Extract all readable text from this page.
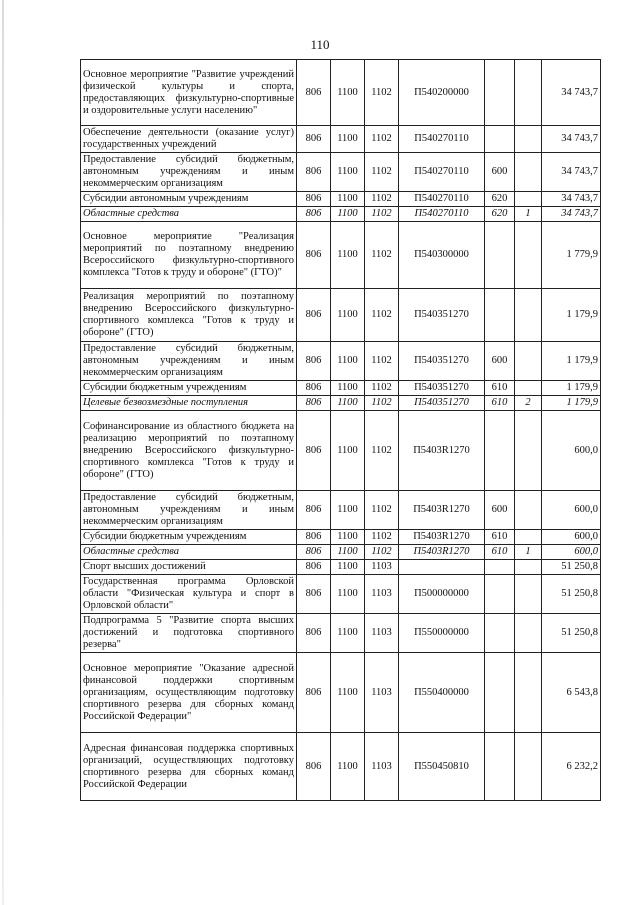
110
Основное мероприятие "Развитие учреждений физической культуры и спорта, предоставляющих физкультурно-спортивные и оздоровительные услуги населению"	806	1100	1102	П540200000			34 743,7
Обеспечение деятельности (оказание услуг) государственных учреждений	806	1100	1102	П540270110			34 743,7
Предоставление субсидий бюджетным, автономным учреждениям и иным некоммерческим организациям	806	1100	1102	П540270110	600		34 743,7
Субсидии автономным учреждениям	806	1100	1102	П540270110	620		34 743,7
Областные средства	806	1100	1102	П540270110	620	1	34 743,7
Основное мероприятие "Реализация мероприятий по поэтапному внедрению Всероссийского физкультурно-спортивного комплекса "Готов к труду и обороне" (ГТО)"	806	1100	1102	П540300000			1 779,9
Реализация мероприятий по поэтапному внедрению Всероссийского физкультурно-спортивного комплекса "Готов к труду и обороне" (ГТО)	806	1100	1102	П540351270			1 179,9
Предоставление субсидий бюджетным, автономным учреждениям и иным некоммерческим организациям	806	1100	1102	П540351270	600		1 179,9
Субсидии бюджетным учреждениям	806	1100	1102	П540351270	610		1 179,9
Целевые безвозмездные поступления	806	1100	1102	П540351270	610	2	1 179,9
Софинансирование из областного бюджета на реализацию мероприятий по поэтапному внедрению Всероссийского физкультурно-спортивного комплекса "Готов к труду и обороне" (ГТО)	806	1100	1102	П5403R1270			600,0
Предоставление субсидий бюджетным, автономным учреждениям и иным некоммерческим организациям	806	1100	1102	П5403R1270	600		600,0
Субсидии бюджетным учреждениям	806	1100	1102	П5403R1270	610		600,0
Областные средства	806	1100	1102	П5403R1270	610	1	600,0
Спорт высших достижений	806	1100	1103				51 250,8
Государственная программа Орловской области "Физическая культура и спорт в Орловской области"	806	1100	1103	П500000000			51 250,8
Подпрограмма 5 "Развитие спорта высших достижений и подготовка спортивного резерва"	806	1100	1103	П550000000			51 250,8
Основное мероприятие "Оказание адресной финансовой поддержки спортивным организациям, осуществляющим подготовку спортивного резерва для сборных команд Российской Федерации"	806	1100	1103	П550400000			6 543,8
Адресная финансовая поддержка спортивных организаций, осуществляющих подготовку спортивного резерва для сборных команд Российской Федерации	806	1100	1103	П550450810			6 232,2
